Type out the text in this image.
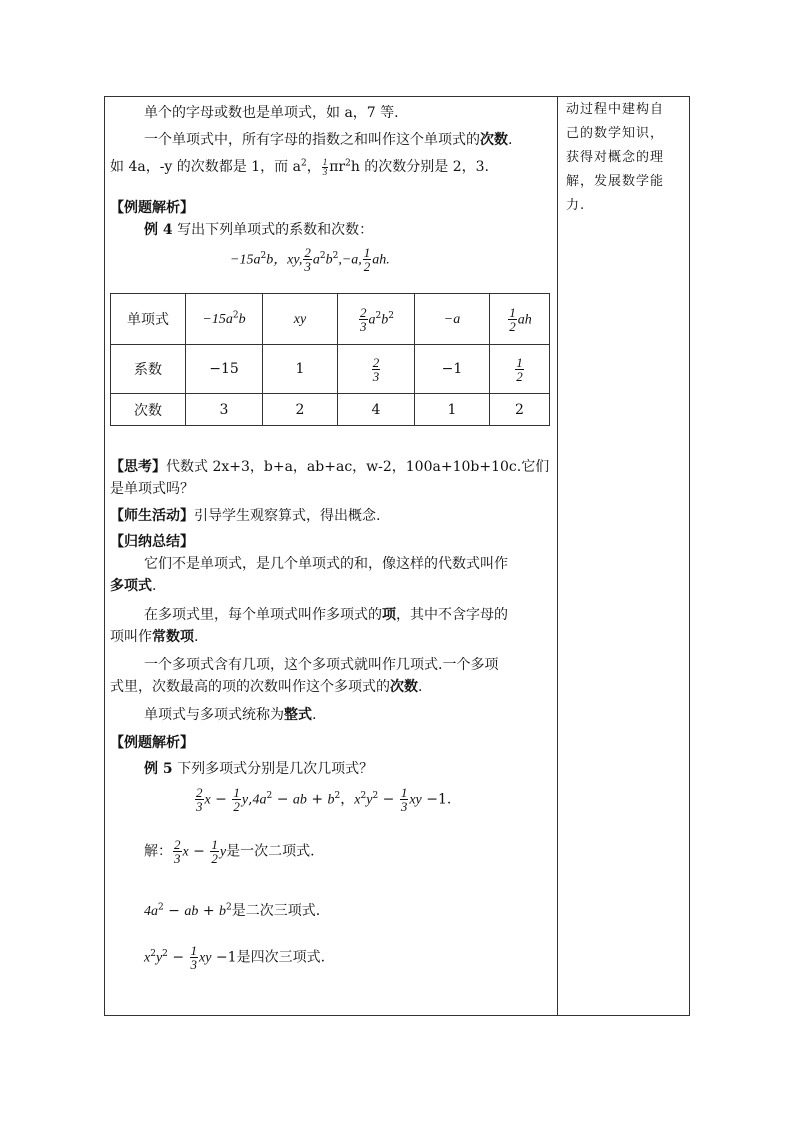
单个的字母或数也是单项式，如 a，7 等.
一个单项式中，所有字母的指数之和叫作这个单项式的次数.
如 4a，-y 的次数都是 1，而 $a^2$， $\frac{1}{3} \pi r^2h$ 的次数分别是 2，3.
【例题解析】
例 4 写出下列单项式的系数和次数：
$-15a^2b$，xy, $\frac{2}{3} a^2b^2,-a$, $\frac{1}{2}$ ah.
单项式	$-15a^2b$	xy	$\frac{2}{3} a^2b^2$	−a	$\frac{1}{2}$ ah
系数	−15	1	$\frac{2}{3}$	−1	$\frac{1}{2}$

次数	3	2	4	1	2
【思考】代数式 2x+3，b+a，ab+ac，w-2，100a+10b+10c.它们
是单项式吗？
【师生活动】引导学生观察算式，得出概念.
【归纳总结】
它们不是单项式，是几个单项式的和，像这样的代数式叫作
多项式.
在多项式里，每个单项式叫作多项式的项，其中不含字母的
项叫作常数项.
一个多项式含有几项，这个多项式就叫作几项式.一个多项
式里，次数最高的项的次数叫作这个多项式的次数.
单项式与多项式统称为整式.
【例题解析】
例 5 下列多项式分别是几次几项式？
$\frac{2}{3}$ $x - \frac{1}{2} y,4a^2$ − ab + $b^2$，$x^2y^2 - \frac{1}{3}$ xy −1.
解： $\frac{2}{3}$ $x - \frac{1}{2}$ y是一次二项式.
$4a^2$ − ab + $b^2$是二次三项式.
$x^2y^2 - \frac{1}{3}$ xy −1是四次三项式.
动过程中建构自
己的数学知识，
获得对概念的理
解，发展数学能
力.
